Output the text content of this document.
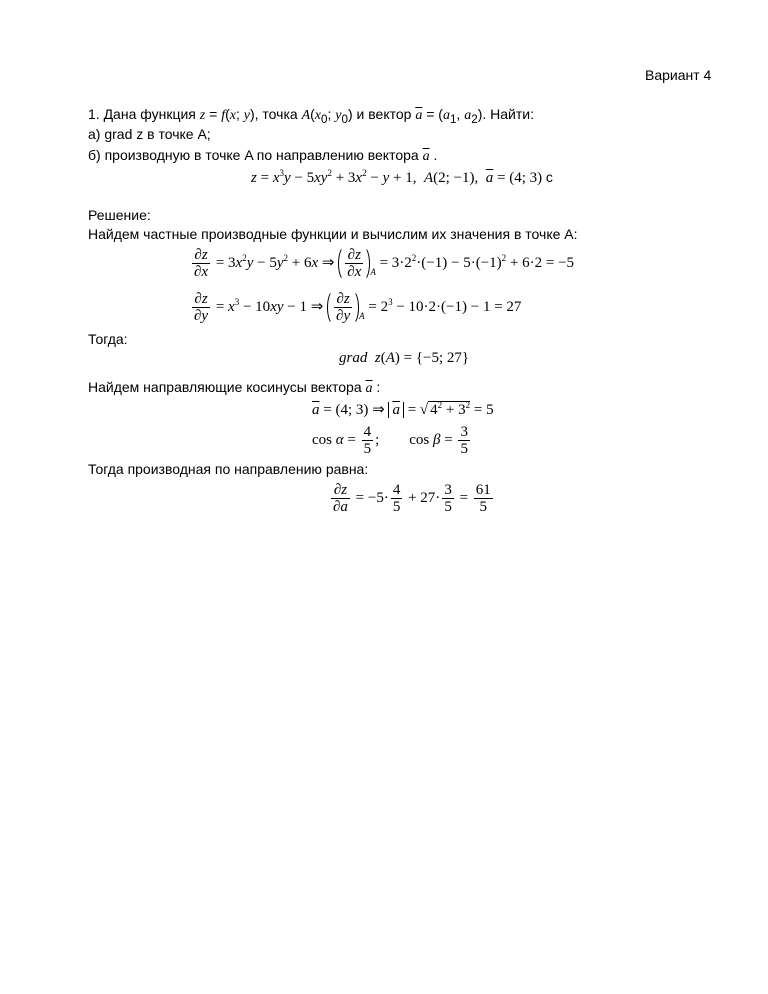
Вариант 4
1. Дана функция z = f(x; y), точка $A(x_0$; $y_0$) и вектор $\overline{a} = (a_1$, $a_2$). Найти:
а) grad z в точке A;
б) производную в точке A по направлению вектора $\overline{a}$ .
$z = x^3y - 5xy^2 + 3x^2 - y + 1$,  A(2; −1),  $\overline{a} = (4$; 3) с
Решение:
Найдем частные производные функции и вычислим их значения в точке A:
$\frac{\partial z}{\partial x} = 3x^2y - 5y^2 + 6x$ ⇒ $\frac{\partial z}{\partial x} _A = 3\cdot 2^2\cdot(-1) - 5\cdot(-1)^2 + 6\cdot 2 = -5$
$\frac{\partial z}{\partial y} = x^3 - 10xy - 1$ ⇒ $\frac{\partial z}{\partial y} _A = 2^3 - 10\cdot 2\cdot(-1) - 1 = 27$
Тогда:
grad z(A) = {−5; 27}
Найдем направляющие косинусы вектора $\overline{a}$ :
$\overline{a} = (4$; 3) ⇒ $\overline{a}$ = √ $4^2 + 3^2 = 5$
$\cos \alpha = \frac{4}{5}$ ;        $\cos \beta = \frac{3}{5}$
Тогда производная по направлению равна:
$\frac{\partial z}{\partial\overline{a}} = -5\cdot \frac{4}{5} + 27\cdot \frac{3}{5} = \frac{61}{5}$
